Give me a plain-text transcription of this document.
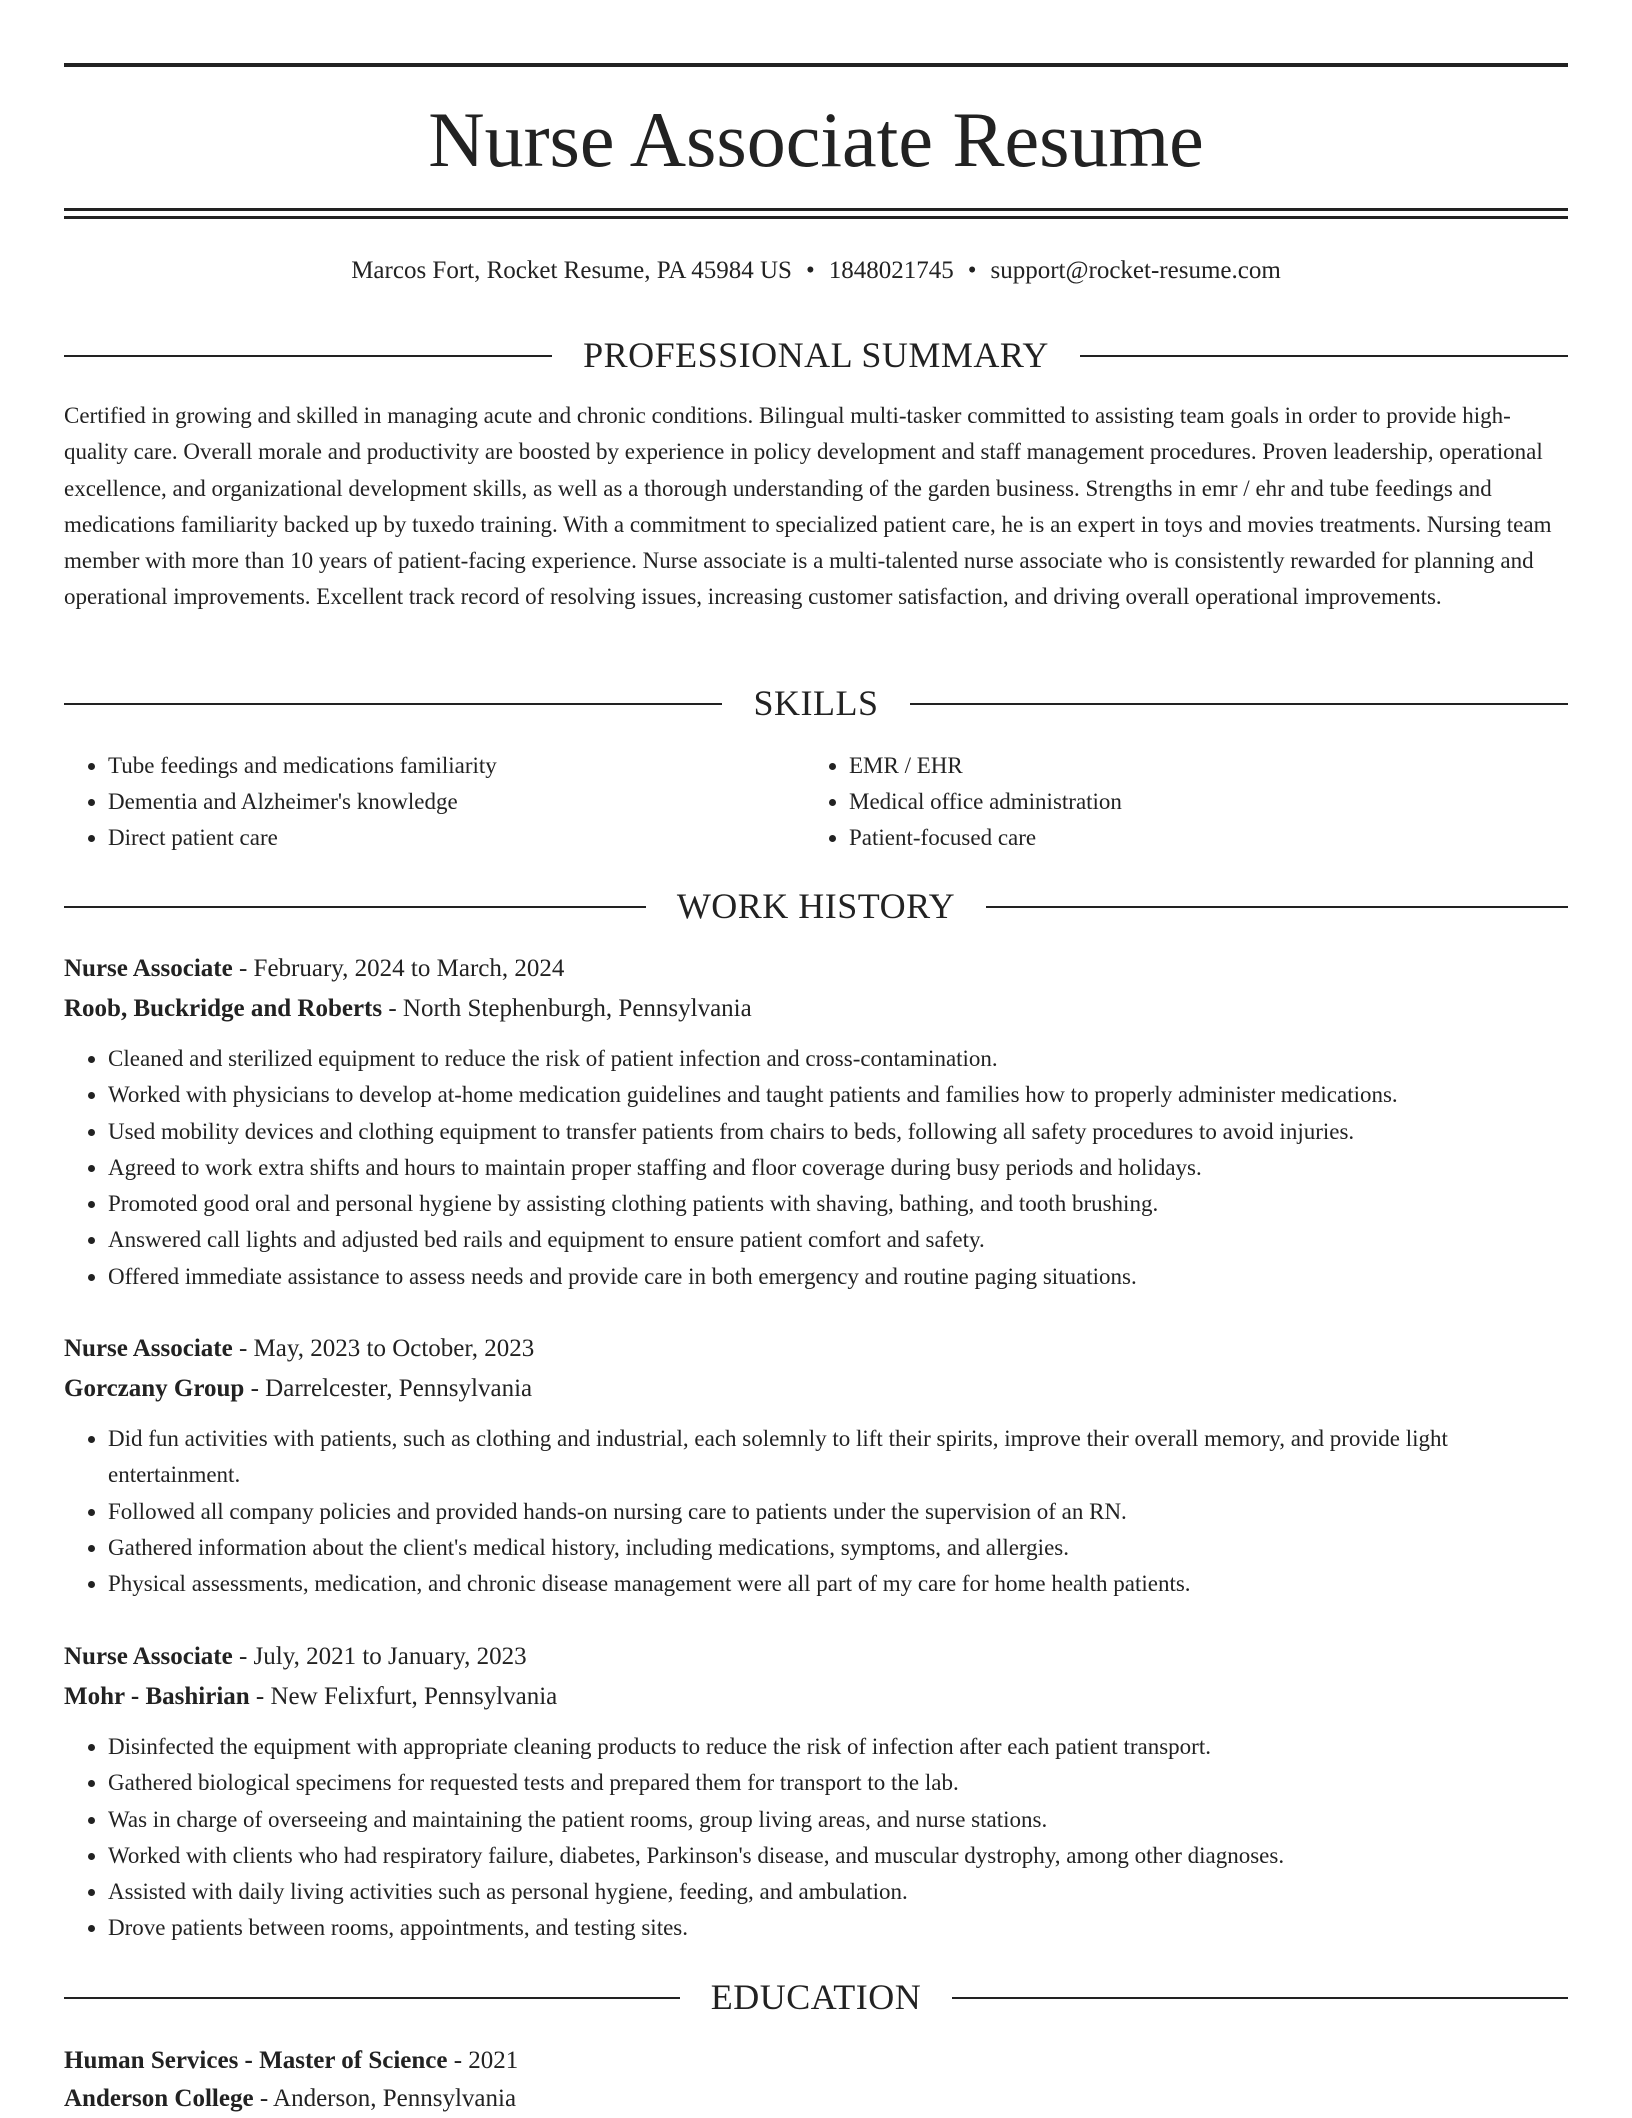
Nurse Associate Resume
Marcos Fort, Rocket Resume, PA 45984 US • 1848021745 • support@rocket-resume.com
PROFESSIONAL SUMMARY

Certified in growing and skilled in managing acute and chronic conditions. Bilingual multi-tasker committed to assisting team goals in order to provide high-quality care. Overall morale and productivity are boosted by experience in policy development and staff management procedures. Proven leadership, operational excellence, and organizational development skills, as well as a thorough understanding of the garden business. Strengths in emr / ehr and tube feedings and medications familiarity backed up by tuxedo training. With a commitment to specialized patient care, he is an expert in toys and movies treatments. Nursing team member with more than 10 years of patient-facing experience. Nurse associate is a multi-talented nurse associate who is consistently rewarded for planning and operational improvements. Excellent track record of resolving issues, increasing customer satisfaction, and driving overall operational improvements.

SKILLS
• Tube feedings and medications familiarity
• Dementia and Alzheimer's knowledge
• Direct patient care
• EMR / EHR
• Medical office administration
• Patient-focused care
WORK HISTORY

Nurse Associate - February, 2024 to March, 2024

Roob, Buckridge and Roberts - North Stephenburgh, Pennsylvania

• Cleaned and sterilized equipment to reduce the risk of patient infection and cross-contamination.
• Worked with physicians to develop at-home medication guidelines and taught patients and families how to properly administer medications.
• Used mobility devices and clothing equipment to transfer patients from chairs to beds, following all safety procedures to avoid injuries.
• Agreed to work extra shifts and hours to maintain proper staffing and floor coverage during busy periods and holidays.
• Promoted good oral and personal hygiene by assisting clothing patients with shaving, bathing, and tooth brushing.
• Answered call lights and adjusted bed rails and equipment to ensure patient comfort and safety.
• Offered immediate assistance to assess needs and provide care in both emergency and routine paging situations.

Nurse Associate - May, 2023 to October, 2023

Gorczany Group - Darrelcester, Pennsylvania

• Did fun activities with patients, such as clothing and industrial, each solemnly to lift their spirits, improve their overall memory, and provide light entertainment.
• Followed all company policies and provided hands-on nursing care to patients under the supervision of an RN.
• Gathered information about the client's medical history, including medications, symptoms, and allergies.
• Physical assessments, medication, and chronic disease management were all part of my care for home health patients.

Nurse Associate - July, 2021 to January, 2023

Mohr - Bashirian - New Felixfurt, Pennsylvania

• Disinfected the equipment with appropriate cleaning products to reduce the risk of infection after each patient transport.
• Gathered biological specimens for requested tests and prepared them for transport to the lab.
• Was in charge of overseeing and maintaining the patient rooms, group living areas, and nurse stations.
• Worked with clients who had respiratory failure, diabetes, Parkinson's disease, and muscular dystrophy, among other diagnoses.
• Assisted with daily living activities such as personal hygiene, feeding, and ambulation.
• Drove patients between rooms, appointments, and testing sites.
EDUCATION

Human Services - Master of Science - 2021

Anderson College - Anderson, Pennsylvania
